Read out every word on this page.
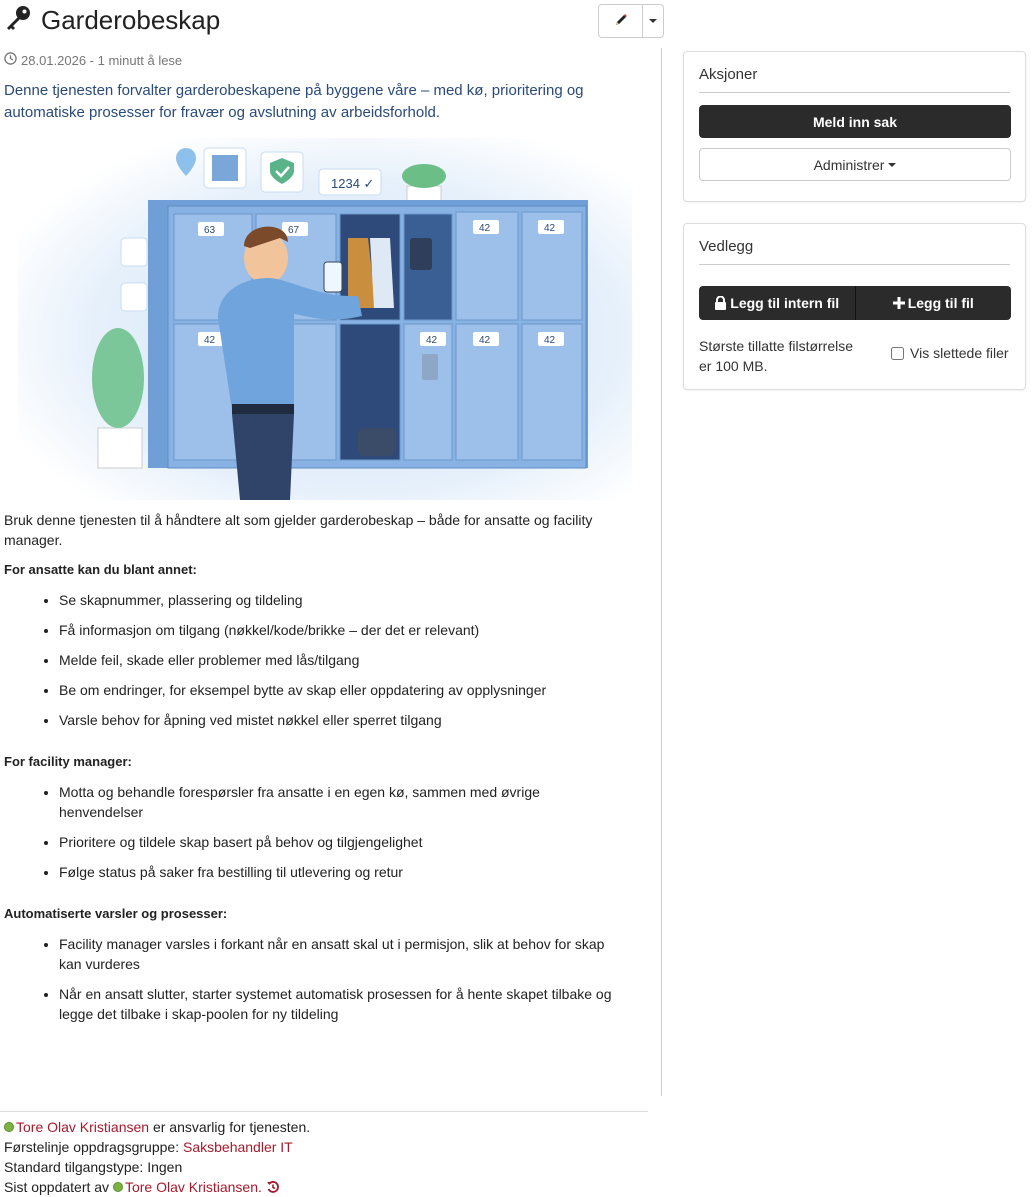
Garderobeskap
28.01.2026 - 1 minutt å lese
Denne tjenesten forvalter garderobeskapene på byggene våre – med kø, prioritering og automatiske prosesser for fravær og avslutning av arbeidsforhold.
1234 ✓
63	67	42	42
42	42	42	42

Bruk denne tjenesten til å håndtere alt som gjelder garderobeskap – både for ansatte og facility manager.

For ansatte kan du blant annet:
• Se skapnummer, plassering og tildeling
• Få informasjon om tilgang (nøkkel/kode/brikke – der det er relevant)
• Melde feil, skade eller problemer med lås/tilgang
• Be om endringer, for eksempel bytte av skap eller oppdatering av opplysninger
• Varsle behov for åpning ved mistet nøkkel eller sperret tilgang
For facility manager:
• Motta og behandle forespørsler fra ansatte i en egen kø, sammen med øvrige henvendelser
• Prioritere og tildele skap basert på behov og tilgjengelighet
• Følge status på saker fra bestilling til utlevering og retur
Automatiserte varsler og prosesser:
• Facility manager varsles i forkant når en ansatt skal ut i permisjon, slik at behov for skap kan vurderes
• Når en ansatt slutter, starter systemet automatisk prosessen for å hente skapet tilbake og legge det tilbake i skap-poolen for ny tildeling
Tore Olav Kristiansen er ansvarlig for tjenesten.
Førstelinje oppdragsgruppe: Saksbehandler IT
Standard tilgangstype: Ingen
Sist oppdatert av Tore Olav Kristiansen.
Aksjoner
Meld inn sak
Administrer
Vedlegg
Legg til intern fil	Legg til fil
Største tillatte filstørrelse er 100 MB.
Vis slettede filer
